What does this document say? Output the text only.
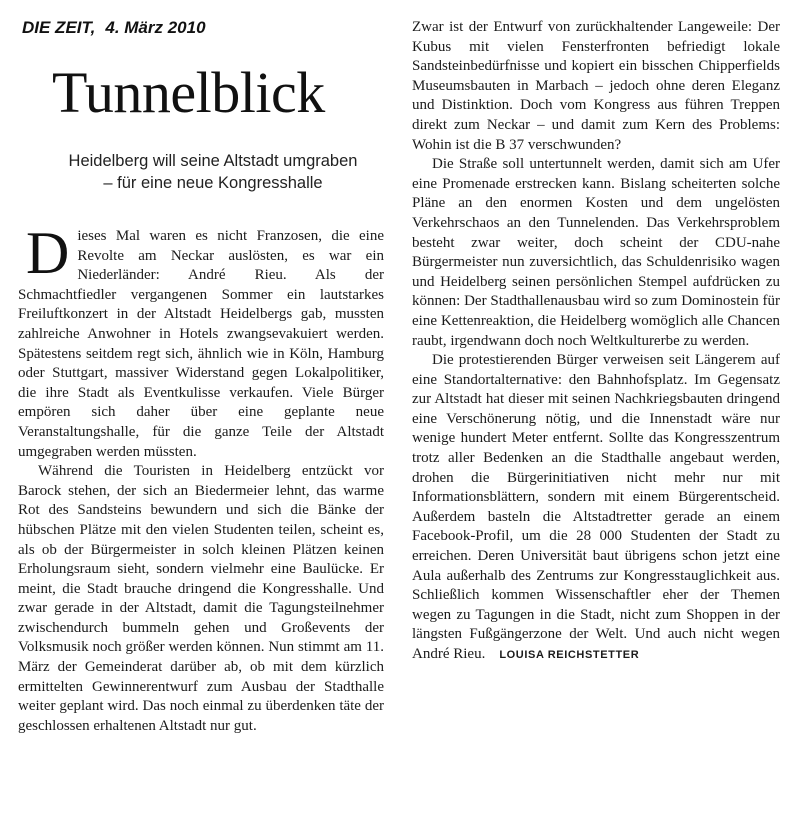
DIE ZEIT, 4. März 2010
Tunnelblick
Heidelberg will seine Altstadt umgraben
– für eine neue Kongresshalle

Dieses Mal waren es nicht Franzosen, die eine Revolte am Neckar auslösten, es war ein Niederländer: André Rieu. Als der Schmachtfiedler vergangenen Sommer ein lautstarkes Freiluftkonzert in der Altstadt Heidelbergs gab, mussten zahlreiche Anwohner in Hotels zwangsevakuiert werden. Spätestens seitdem regt sich, ähnlich wie in Köln, Hamburg oder Stuttgart, massiver Widerstand gegen Lokalpolitiker, die ihre Stadt als Eventkulisse verkaufen. Viele Bürger empören sich daher über eine geplante neue Veranstaltungshalle, für die ganze Teile der Altstadt umgegraben werden müssten.

Während die Touristen in Heidelberg entzückt vor Barock stehen, der sich an Biedermeier lehnt, das warme Rot des Sandsteins bewundern und sich die Bänke der hübschen Plätze mit den vielen Studenten teilen, scheint es, als ob der Bürgermeister in solch kleinen Plätzen keinen Erholungsraum sieht, sondern vielmehr eine Baulücke. Er meint, die Stadt brauche dringend die Kongresshalle. Und zwar gerade in der Altstadt, damit die Tagungsteilnehmer zwischendurch bummeln gehen und Großevents der Volksmusik noch größer werden können. Nun stimmt am 11. März der Gemeinderat darüber ab, ob mit dem kürzlich ermittelten Gewinnerentwurf zum Ausbau der Stadthalle weiter geplant wird. Das noch einmal zu überdenken täte der geschlossen erhaltenen Altstadt nur gut.

Zwar ist der Entwurf von zurückhaltender Langeweile: Der Kubus mit vielen Fensterfronten befriedigt lokale Sandsteinbedürfnisse und kopiert ein bisschen Chipperfields Museumsbauten in Marbach – jedoch ohne deren Eleganz und Distinktion. Doch vom Kongress aus führen Treppen direkt zum Neckar – und damit zum Kern des Problems: Wohin ist die B 37 verschwunden?

Die Straße soll untertunnelt werden, damit sich am Ufer eine Promenade erstrecken kann. Bislang scheiterten solche Pläne an den enormen Kosten und dem ungelösten Verkehrschaos an den Tunnelenden. Das Verkehrsproblem besteht zwar weiter, doch scheint der CDU-nahe Bürgermeister nun zuversichtlich, das Schuldenrisiko wagen und Heidelberg seinen persönlichen Stempel aufdrücken zu können: Der Stadthallenausbau wird so zum Dominostein für eine Kettenreaktion, die Heidelberg womöglich alle Chancen raubt, irgendwann doch noch Weltkulturerbe zu werden.

Die protestierenden Bürger verweisen seit Längerem auf eine Standortalternative: den Bahnhofsplatz. Im Gegensatz zur Altstadt hat dieser mit seinen Nachkriegsbauten dringend eine Verschönerung nötig, und die Innenstadt wäre nur wenige hundert Meter entfernt. Sollte das Kongresszentrum trotz aller Bedenken an die Stadthalle angebaut werden, drohen die Bürgerinitiativen nicht mehr nur mit Informationsblättern, sondern mit einem Bürgerentscheid. Außerdem basteln die Altstadtretter gerade an einem Facebook-Profil, um die 28 000 Studenten der Stadt zu erreichen. Deren Universität baut übrigens schon jetzt eine Aula außerhalb des Zentrums zur Kongresstauglichkeit aus. Schließlich kommen Wissenschaftler eher der Themen wegen zu Tagungen in die Stadt, nicht zum Shoppen in der längsten Fußgängerzone der Welt. Und auch nicht wegen André Rieu. LOUISA REICHSTETTER
